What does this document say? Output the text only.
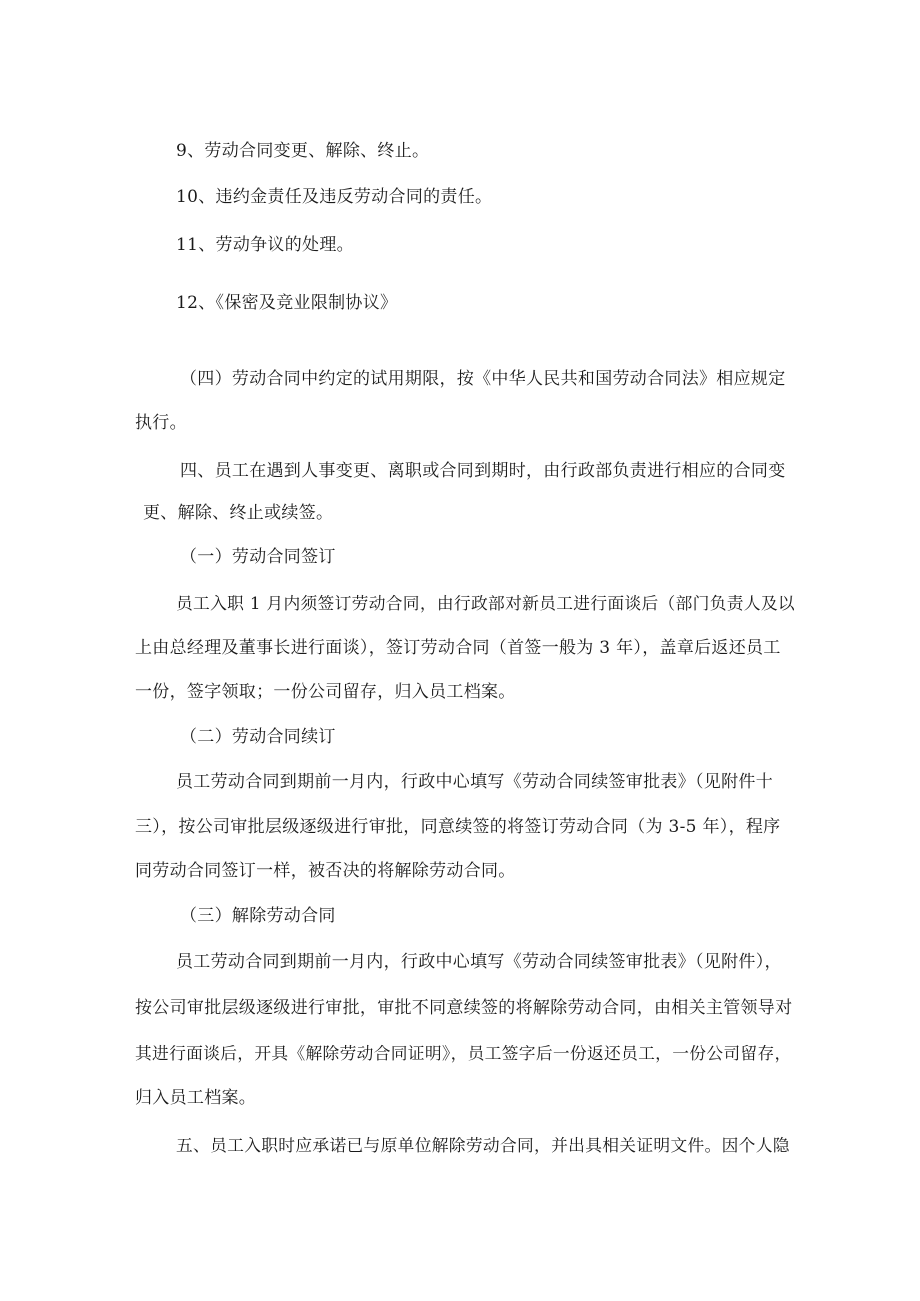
9、劳动合同变更、解除、终止。
10、违约金责任及违反劳动合同的责任。
11、劳动争议的处理。
12、《保密及竞业限制协议》
（四）劳动合同中约定的试用期限，按《中华人民共和国劳动合同法》相应规定
执行。
四、员工在遇到人事变更、离职或合同到期时，由行政部负责进行相应的合同变
更、解除、终止或续签。
（一）劳动合同签订
员工入职 1 月内须签订劳动合同，由行政部对新员工进行面谈后（部门负责人及以
上由总经理及董事长进行面谈），签订劳动合同（首签一般为 3 年），盖章后返还员工
一份，签字领取；一份公司留存，归入员工档案。
（二）劳动合同续订
员工劳动合同到期前一月内，行政中心填写《劳动合同续签审批表》（见附件十
三），按公司审批层级逐级进行审批，同意续签的将签订劳动合同（为 3-5 年），程序
同劳动合同签订一样，被否决的将解除劳动合同。
（三）解除劳动合同
员工劳动合同到期前一月内，行政中心填写《劳动合同续签审批表》（见附件），
按公司审批层级逐级进行审批，审批不同意续签的将解除劳动合同，由相关主管领导对
其进行面谈后，开具《解除劳动合同证明》，员工签字后一份返还员工，一份公司留存，
归入员工档案。
五、员工入职时应承诺已与原单位解除劳动合同，并出具相关证明文件。因个人隐
